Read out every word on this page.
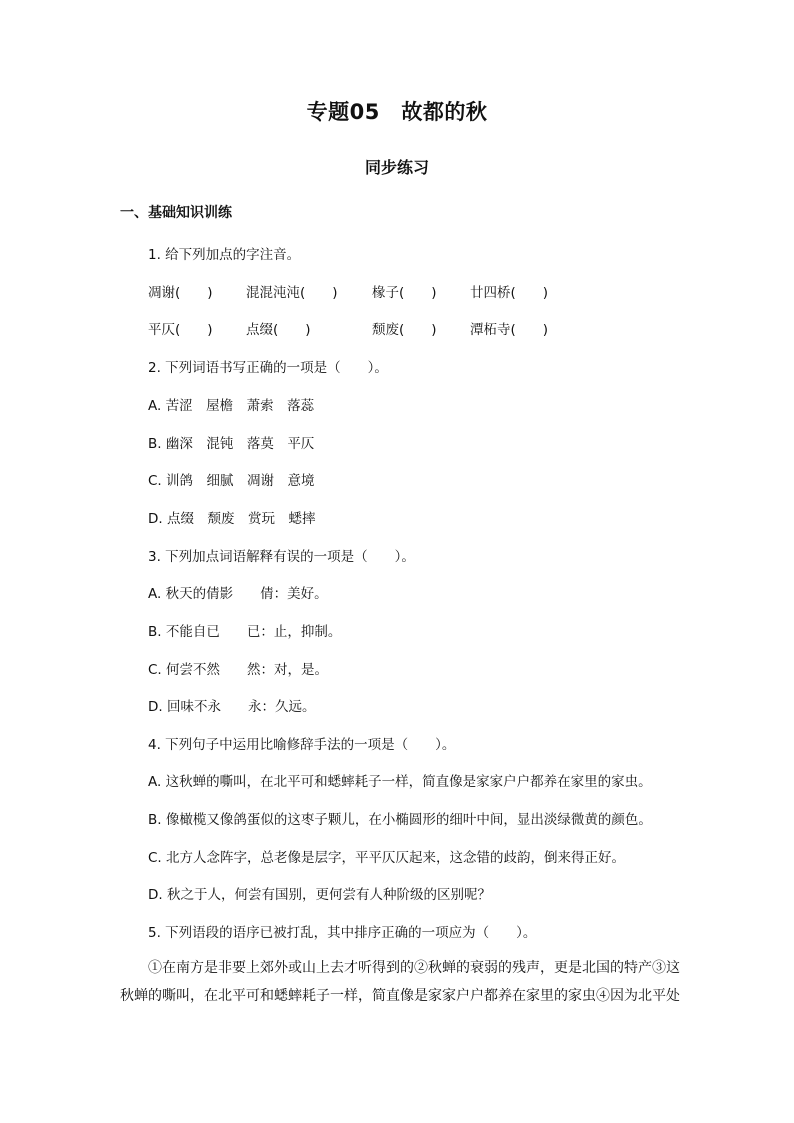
专题05　故都的秋
同步练习
一、基础知识训练
1. 给下列加点的字注音。
凋谢(　　) 混混沌沌(　　)	椽子(　　) 廿四桥(　　)
平仄(　　) 点缀(　　)	颓废(　　) 潭柘寺(　　)
2. 下列词语书写正确的一项是（　　）。
A. 苦涩　屋檐　萧索　落蕊
B. 幽深　混钝　落莫　平仄
C. 训鸽　细腻　凋谢　意境
D. 点缀　颓废　赏玩　蟋摔
3. 下列加点词语解释有误的一项是（　　）。
A. 秋天的倩影　　倩：美好。
B. 不能自已　　已：止，抑制。
C. 何尝不然　　然：对，是。
D. 回味不永　　永：久远。
4. 下列句子中运用比喻修辞手法的一项是（　　）。
A. 这秋蝉的嘶叫，在北平可和蟋蟀耗子一样，简直像是家家户户都养在家里的家虫。
B. 像橄榄又像鸽蛋似的这枣子颗儿，在小椭圆形的细叶中间，显出淡绿微黄的颜色。
C. 北方人念阵字，总老像是层字，平平仄仄起来，这念错的歧韵，倒来得正好。
D. 秋之于人，何尝有国别，更何尝有人种阶级的区别呢？
5. 下列语段的语序已被打乱，其中排序正确的一项应为（　　）。
①在南方是非要上郊外或山上去才听得到的②秋蝉的衰弱的残声，更是北国的特产③这秋蝉的嘶叫，在北平可和蟋蟀耗子一样，简直像是家家户户都养在家里的家虫④因为北平处
